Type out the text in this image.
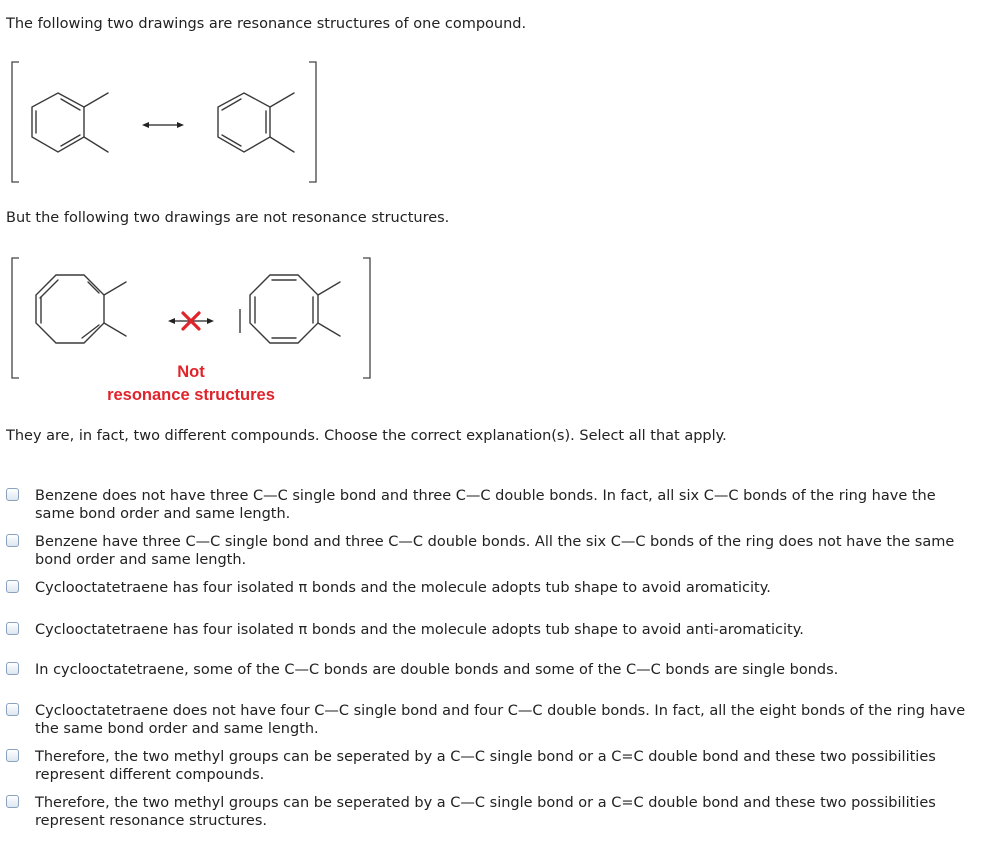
The following two drawings are resonance structures of one compound.

But the following two drawings are not resonance structures.

Not
resonance structures

They are, in fact, two different compounds. Choose the correct explanation(s). Select all that apply.

Benzene does not have three C—C single bond and three C—C double bonds. In fact, all six C—C bonds of the ring have the same bond order and same length.
Benzene have three C—C single bond and three C—C double bonds. All the six C—C bonds of the ring does not have the same bond order and same length.
Cyclooctatetraene has four isolated π bonds and the molecule adopts tub shape to avoid aromaticity.
Cyclooctatetraene has four isolated π bonds and the molecule adopts tub shape to avoid anti-aromaticity.
In cyclooctatetraene, some of the C—C bonds are double bonds and some of the C—C bonds are single bonds.
Cyclooctatetraene does not have four C—C single bond and four C—C double bonds. In fact, all the eight bonds of the ring have the same bond order and same length.
Therefore, the two methyl groups can be seperated by a C—C single bond or a C=C double bond and these two possibilities represent different compounds.
Therefore, the two methyl groups can be seperated by a C—C single bond or a C=C double bond and these two possibilities represent resonance structures.
